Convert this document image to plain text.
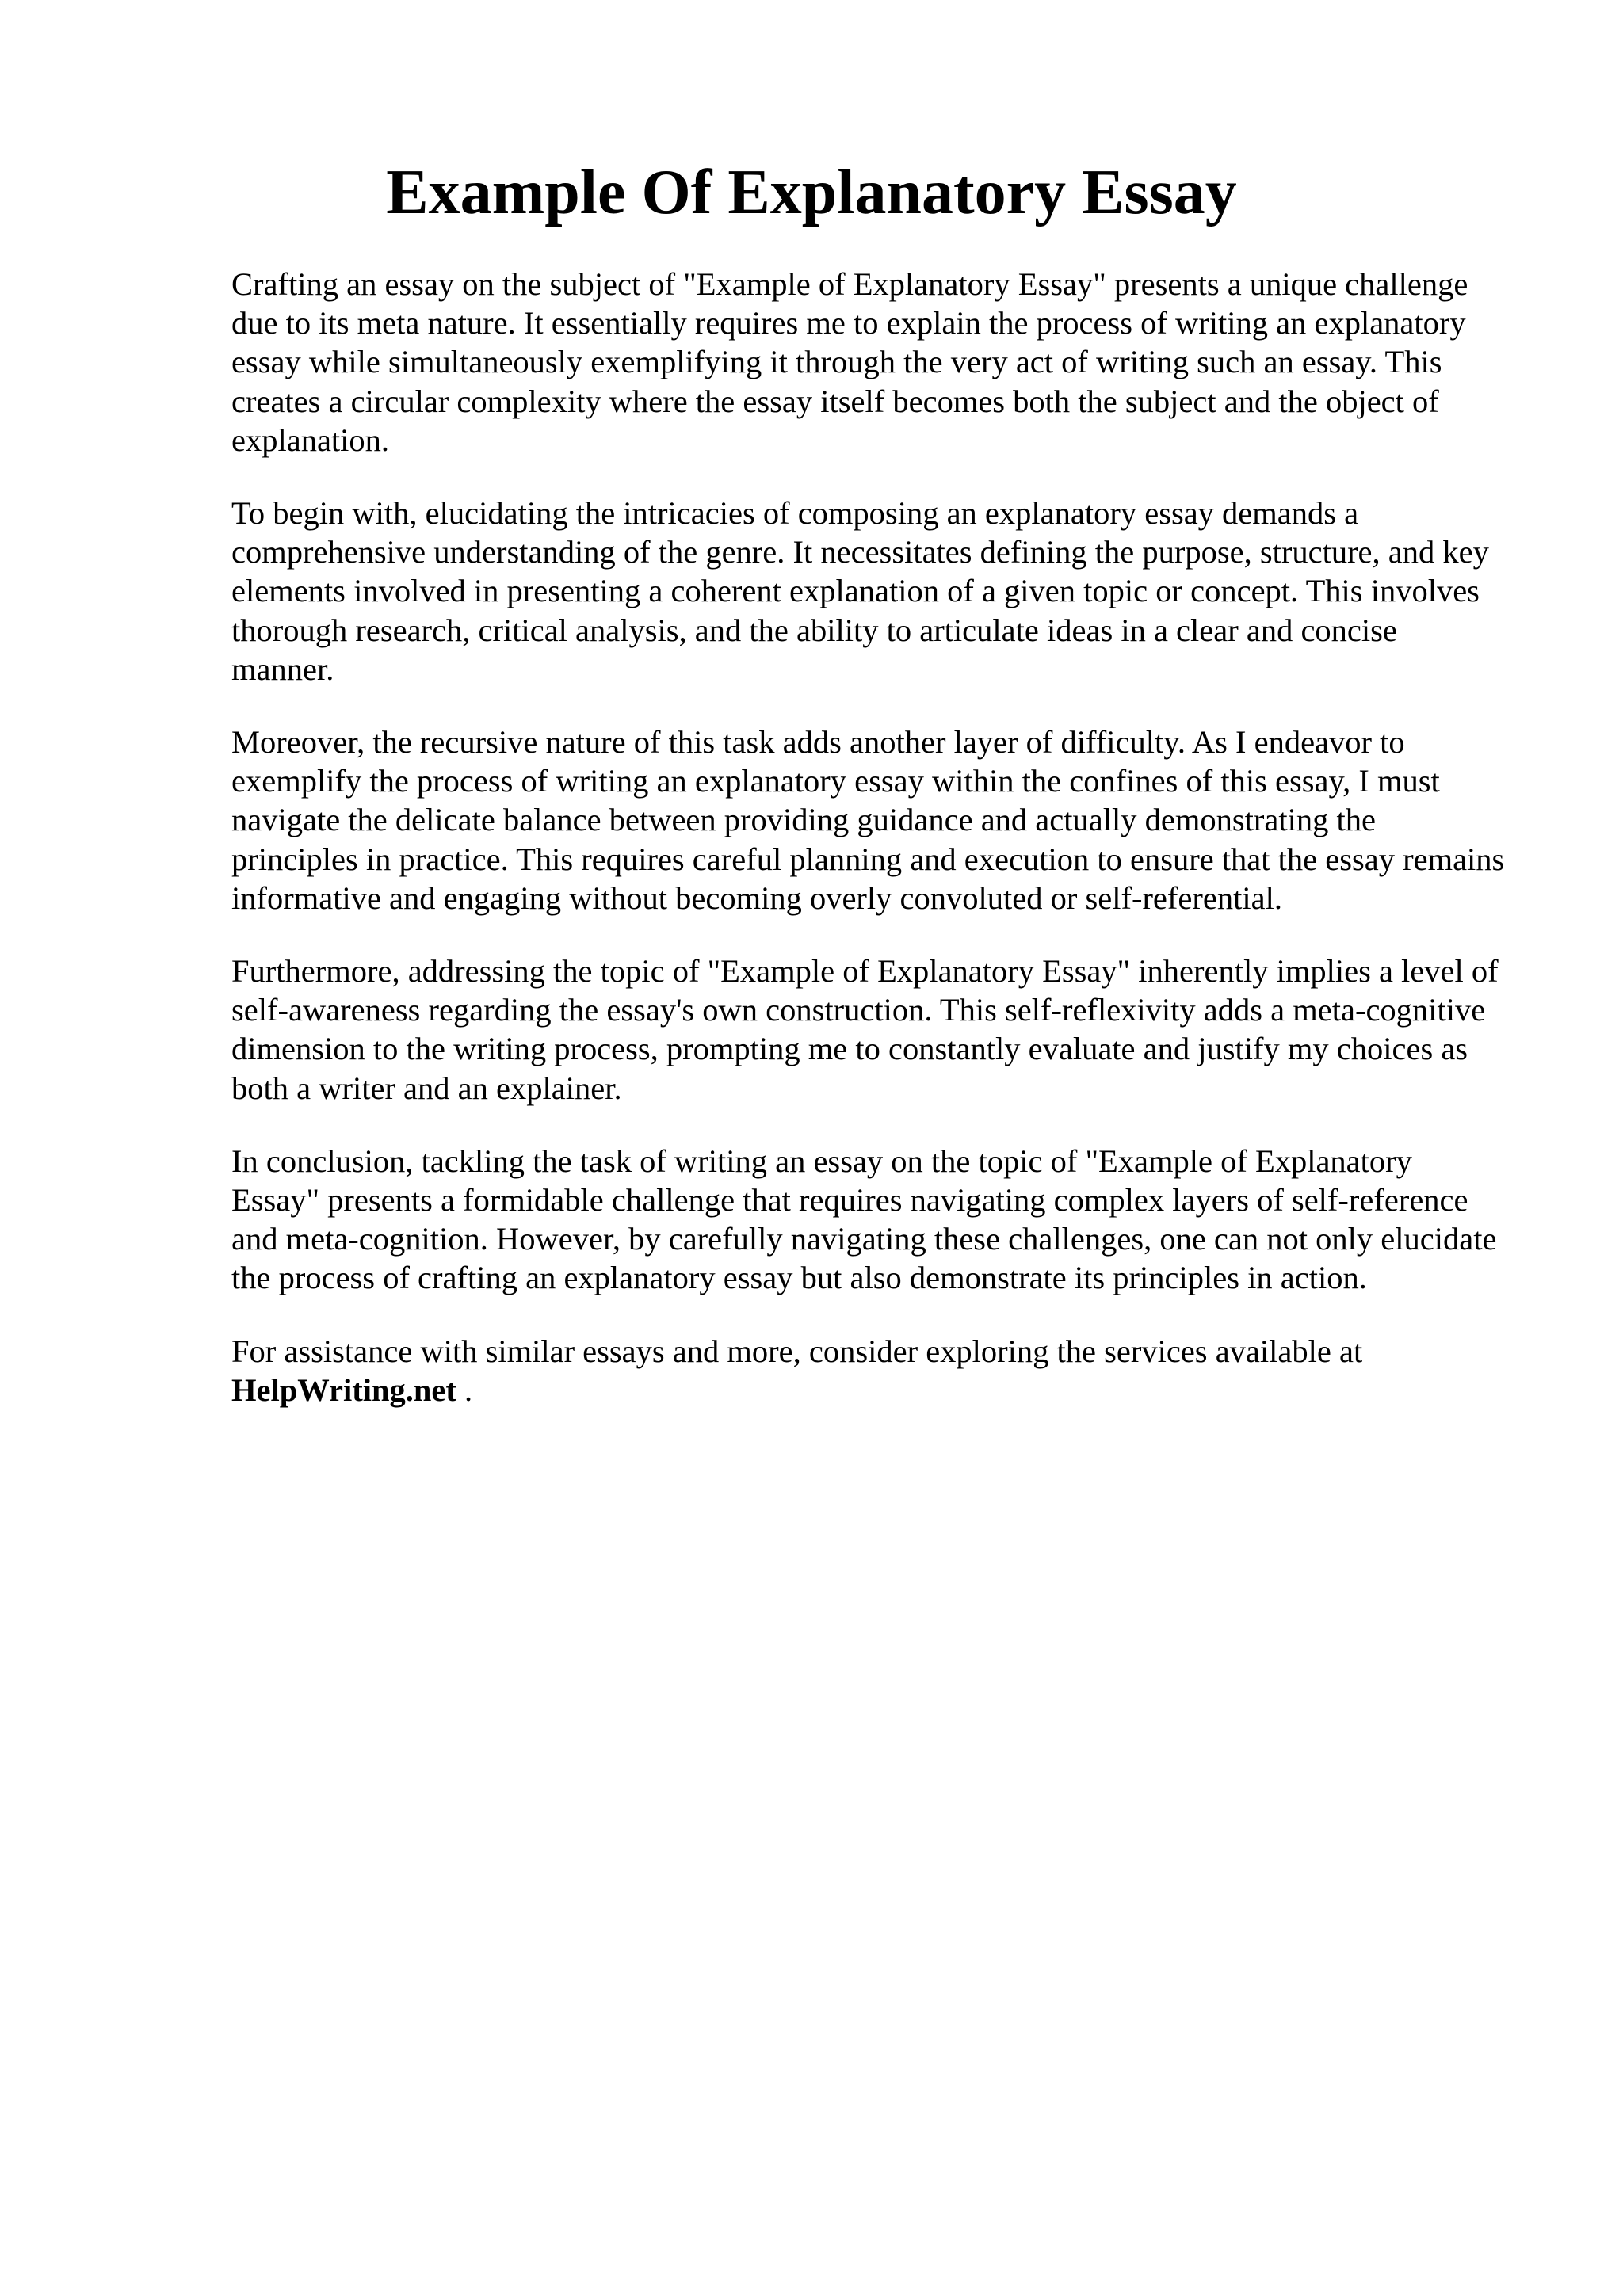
Example Of Explanatory Essay

Crafting an essay on the subject of "Example of Explanatory Essay" presents a unique challenge due to its meta nature. It essentially requires me to explain the process of writing an explanatory essay while simultaneously exemplifying it through the very act of writing such an essay. This creates a circular complexity where the essay itself becomes both the subject and the object of explanation.

To begin with, elucidating the intricacies of composing an explanatory essay demands a comprehensive understanding of the genre. It necessitates defining the purpose, structure, and key elements involved in presenting a coherent explanation of a given topic or concept. This involves thorough research, critical analysis, and the ability to articulate ideas in a clear and concise manner.

Moreover, the recursive nature of this task adds another layer of difficulty. As I endeavor to exemplify the process of writing an explanatory essay within the confines of this essay, I must navigate the delicate balance between providing guidance and actually demonstrating the principles in practice. This requires careful planning and execution to ensure that the essay remains informative and engaging without becoming overly convoluted or self-referential.

Furthermore, addressing the topic of "Example of Explanatory Essay" inherently implies a level of self-awareness regarding the essay's own construction. This self-reflexivity adds a meta-cognitive dimension to the writing process, prompting me to constantly evaluate and justify my choices as both a writer and an explainer.

In conclusion, tackling the task of writing an essay on the topic of "Example of Explanatory Essay" presents a formidable challenge that requires navigating complex layers of self-reference and meta-cognition. However, by carefully navigating these challenges, one can not only elucidate the process of crafting an explanatory essay but also demonstrate its principles in action.

For assistance with similar essays and more, consider exploring the services available at HelpWriting.net .
